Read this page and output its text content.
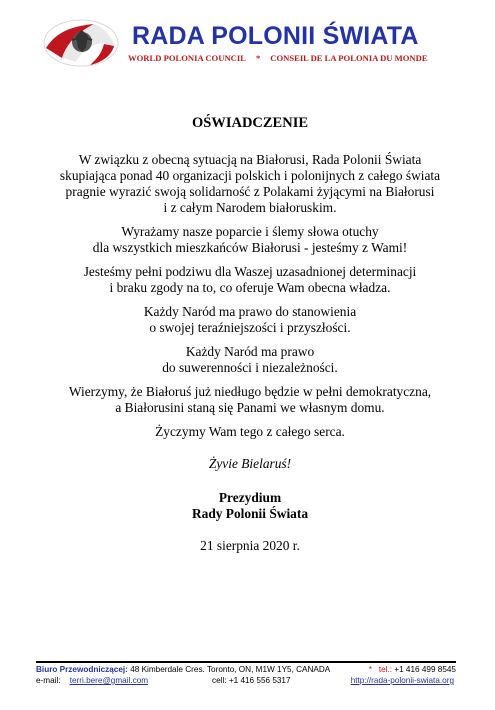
RADA POLONII ŚWIATA

WORLD POLONIA COUNCIL * CONSEIL DE LA POLONIA DU MONDE

OŚWIADCZENIE

W związku z obecną sytuacją na Białorusi, Rada Polonii Świata
skupiająca ponad 40 organizacji polskich i polonijnych z całego świata
pragnie wyrazić swoją solidarność z Polakami żyjącymi na Białorusi
i z całym Narodem białoruskim.

Wyrażamy nasze poparcie i ślemy słowa otuchy
dla wszystkich mieszkańców Białorusi - jesteśmy z Wami!

Jesteśmy pełni podziwu dla Waszej uzasadnionej determinacji
i braku zgody na to, co oferuje Wam obecna władza.

Każdy Naród ma prawo do stanowienia
o swojej teraźniejszości i przyszłości.

Każdy Naród ma prawo
do suwerenności i niezależności.

Wierzymy, że Białoruś już niedługo będzie w pełni demokratyczna,
a Białorusini staną się Panami we własnym domu.

Życzymy Wam tego z całego serca.

Żyvie Bielaruś!

Prezydium
Rady Polonii Świata

21 sierpnia 2020 r.

Biuro Przewodniczącej: 48 Kimberdale Cres. Toronto, ON, M1W 1Y5, CANADA	* tel.: +1 416 499 8545
e-mail: terri.bere@gmail.com	cell: +1 416 556 5317	http://rada-polonii-swiata.org
